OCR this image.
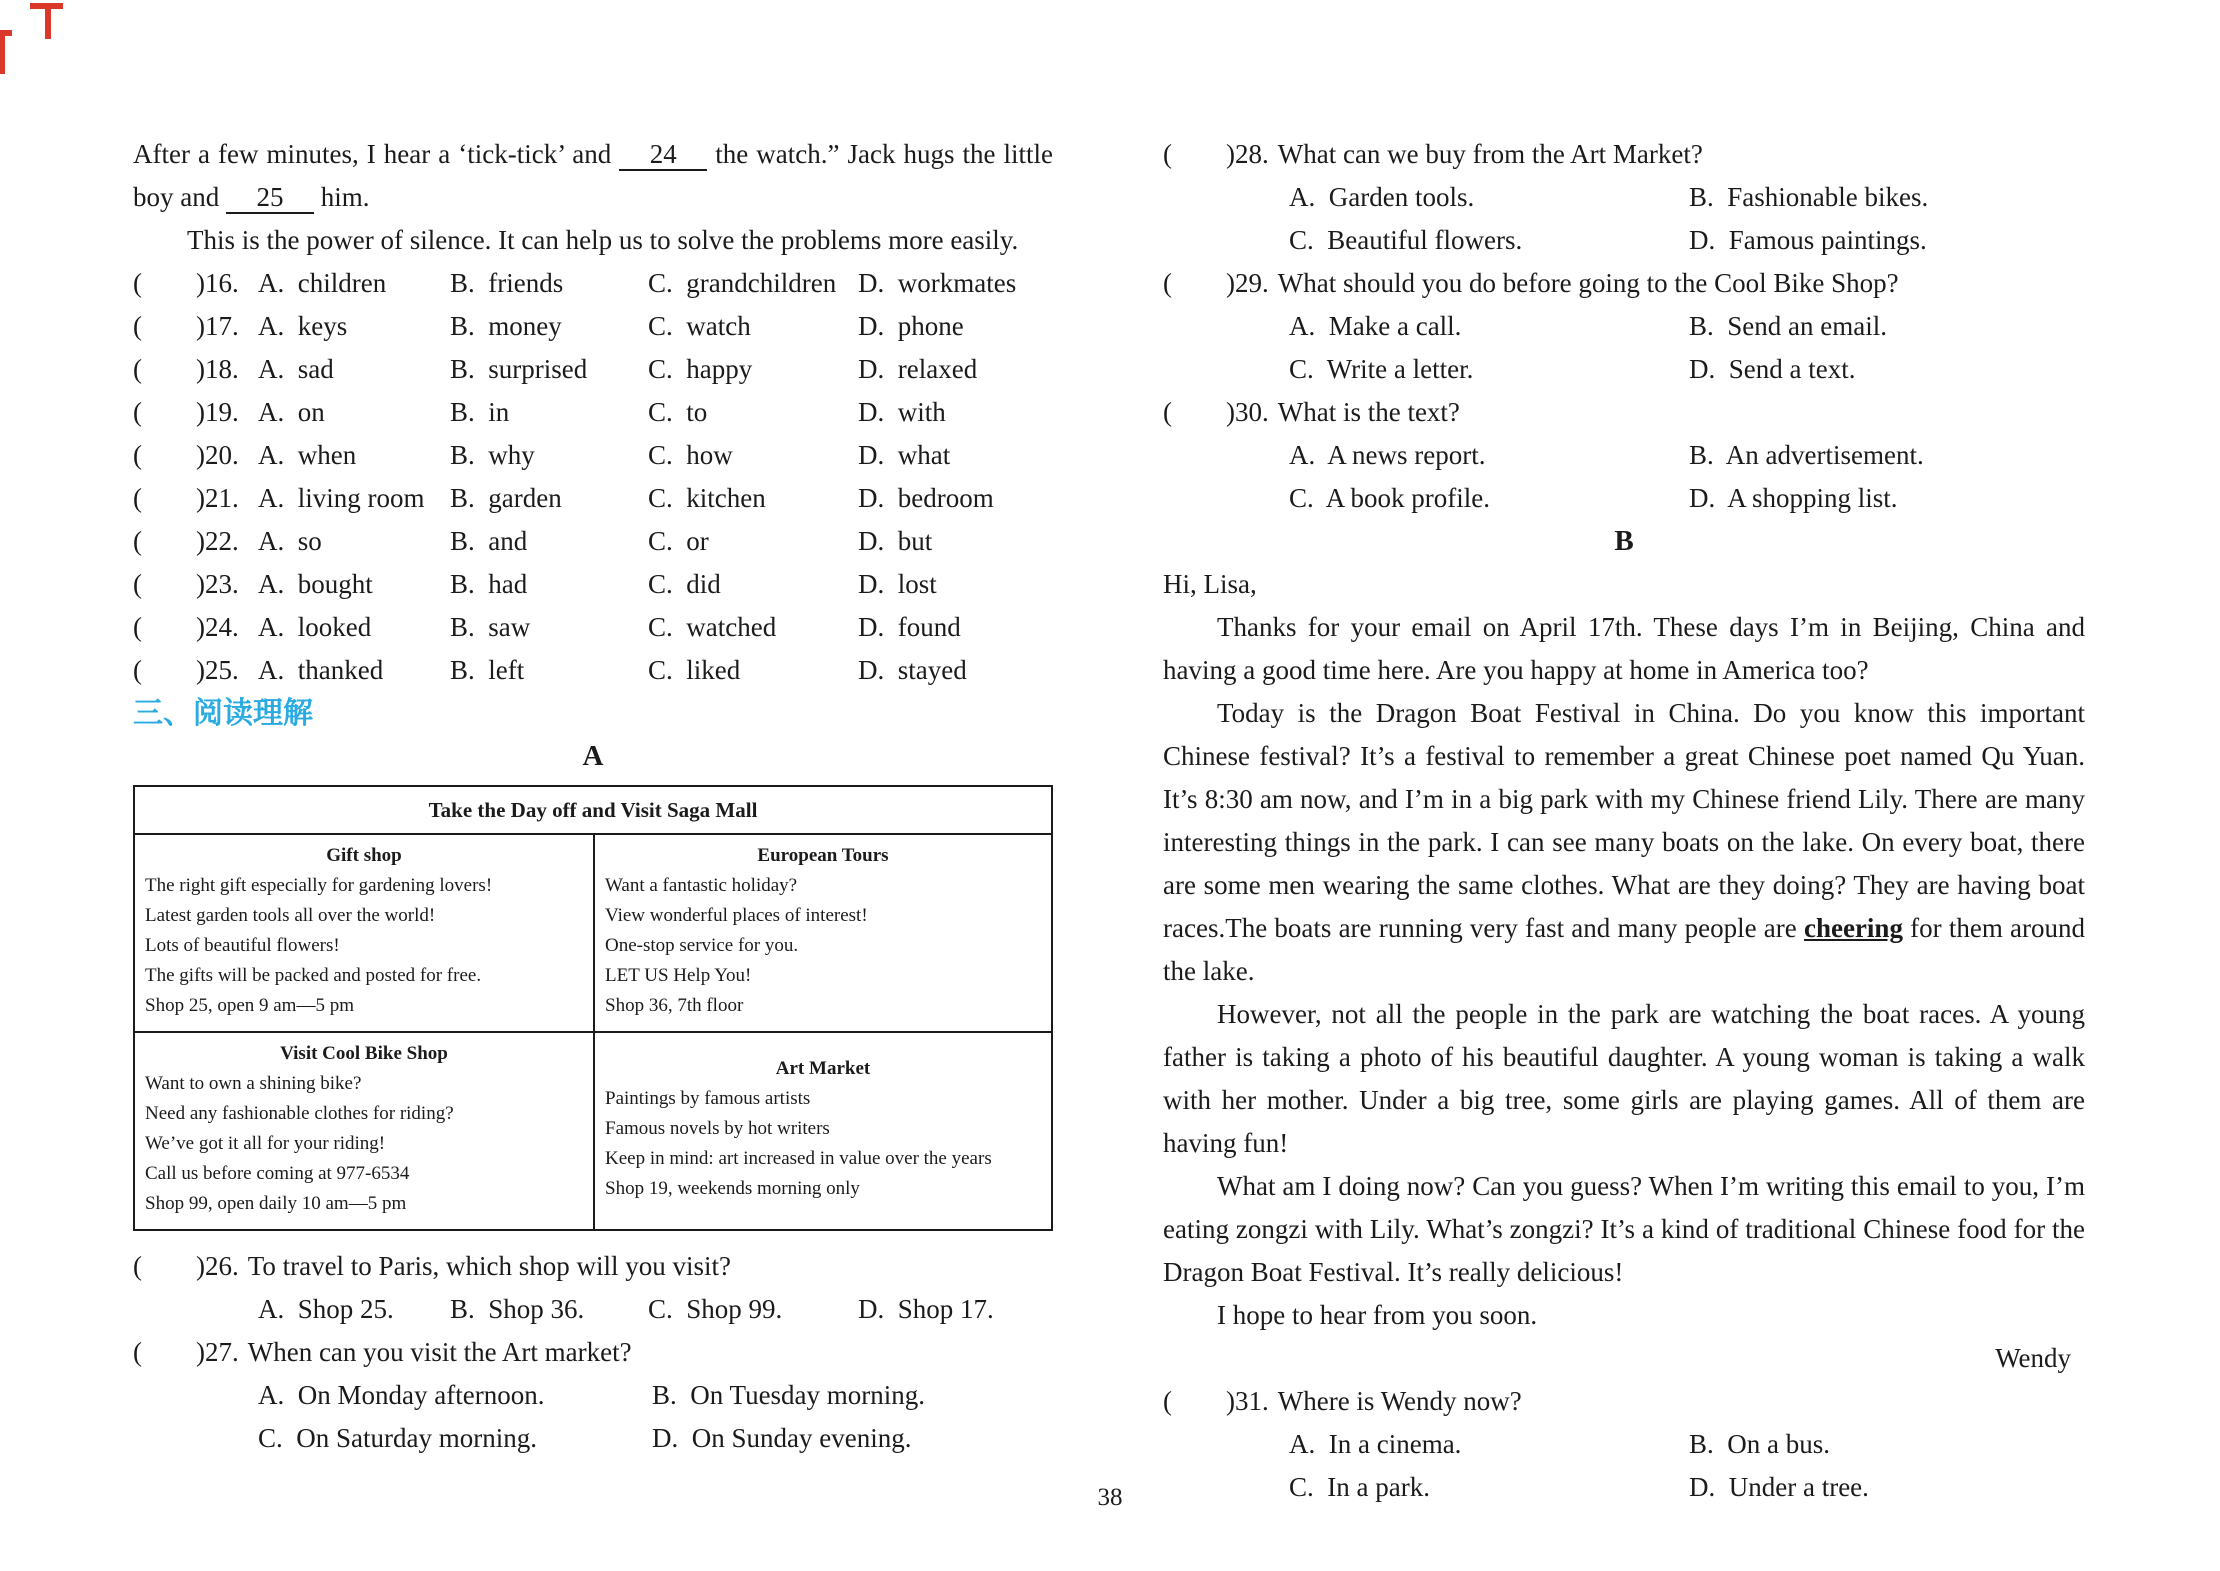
After a few minutes, I hear a ‘tick-tick’ and 24 the watch.” Jack hugs the little boy and 25 him.

This is the power of silence. It can help us to solve the problems more easily.

(        )16. A.  children	B.  friends	C.  grandchildren D.  workmates
(        )17. A.  keys	B.  money	C.  watch	D.  phone
(        )18. A.  sad	B.  surprised	C.  happy	D.  relaxed
(        )19. A.  on	B.  in	C.  to	D.  with
(        )20. A.  when	B.  why	C.  how	D.  what
(        )21. A.  living room B.  garden	C.  kitchen	D.  bedroom
(        )22. A.  so	B.  and	C.  or	D.  but
(        )23. A.  bought	B.  had	C.  did	D.  lost
(        )24. A.  looked	B.  saw	C.  watched	D.  found
(        )25. A.  thanked	B.  left	C.  liked	D.  stayed
三、阅读理解
A
Take the Day off and Visit Saga Mall
Gift shop
The right gift especially for gardening lovers!
Latest garden tools all over the world!
Lots of beautiful flowers!
The gifts will be packed and posted for free.
Shop 25, open 9 am—5 pm
European Tours
Want a fantastic holiday?
View wonderful places of interest!
One-stop service for you.
LET US Help You!
Shop 36, 7th floor
Visit Cool Bike Shop
Want to own a shining bike?
Need any fashionable clothes for riding?
We’ve got it all for your riding!
Call us before coming at 977-6534
Shop 99, open daily 10 am—5 pm
Art Market
Paintings by famous artists
Famous novels by hot writers
Keep in mind: art increased in value over the years
Shop 19, weekends morning only
(        )26. To travel to Paris, which shop will you visit?
A.  Shop 25.	B.  Shop 36.	C.  Shop 99.	D.  Shop 17.
(        )27. When can you visit the Art market?
A.  On Monday afternoon.	B.  On Tuesday morning.
C.  On Saturday morning.	D.  On Sunday evening.
(        )28. What can we buy from the Art Market?
A.  Garden tools.	B.  Fashionable bikes.
C.  Beautiful flowers.	D.  Famous paintings.
(        )29. What should you do before going to the Cool Bike Shop?
A.  Make a call.	B.  Send an email.
C.  Write a letter.	D.  Send a text.
(        )30. What is the text?
A.  A news report.	B.  An advertisement.
C.  A book profile.	D.  A shopping list.
B

Hi, Lisa,

Thanks for your email on April 17th. These days I’m in Beijing, China and having a good time here. Are you happy at home in America too?

Today is the Dragon Boat Festival in China. Do you know this important Chinese festival? It’s a festival to remember a great Chinese poet named Qu Yuan. It’s 8:30 am now, and I’m in a big park with my Chinese friend Lily. There are many interesting things in the park. I can see many boats on the lake. On every boat, there are some men wearing the same clothes. What are they doing? They are having boat races.The boats are running very fast and many people are cheering for them around the lake.

However, not all the people in the park are watching the boat races. A young father is taking a photo of his beautiful daughter. A young woman is taking a walk with her mother. Under a big tree, some girls are playing games. All of them are having fun!

What am I doing now? Can you guess? When I’m writing this email to you, I’m eating zongzi with Lily. What’s zongzi? It’s a kind of traditional Chinese food for the Dragon Boat Festival. It’s really delicious!

I hope to hear from you soon.

Wendy

(        )31. Where is Wendy now?
A.  In a cinema.	B.  On a bus.
C.  In a park.	D.  Under a tree.
38
